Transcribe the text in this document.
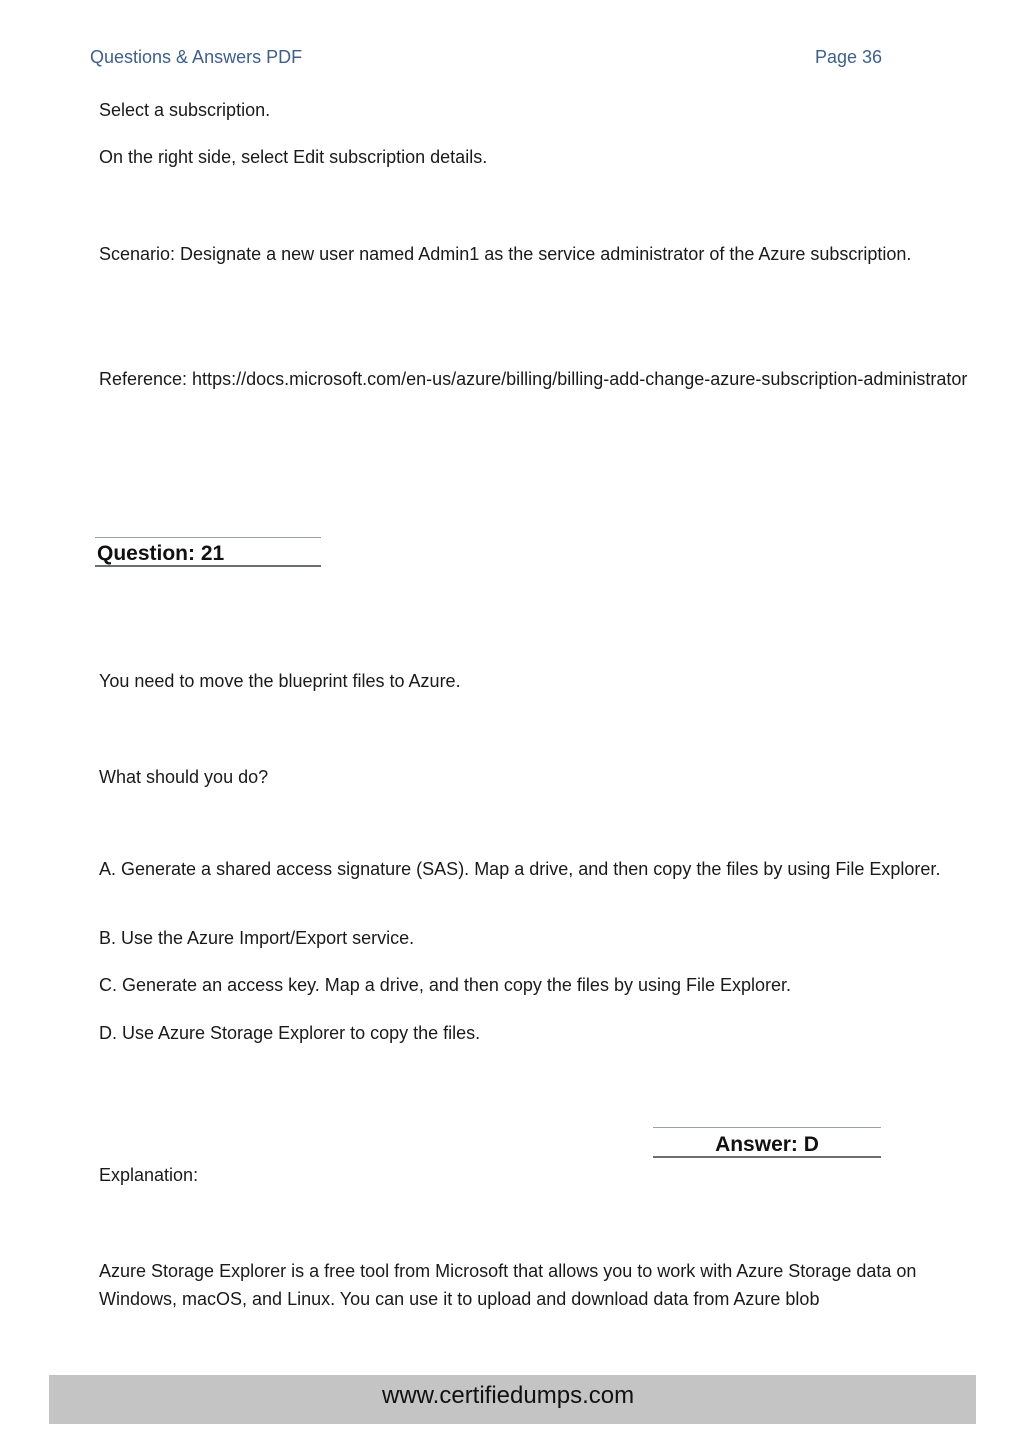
Questions & Answers PDF	Page 36

Select a subscription.

On the right side, select Edit subscription details.

Scenario: Designate a new user named Admin1 as the service administrator of the Azure subscription.

Reference: https://docs.microsoft.com/en-us/azure/billing/billing-add-change-azure-subscription-administrator

Question: 21

You need to move the blueprint files to Azure.

What should you do?

A. Generate a shared access signature (SAS). Map a drive, and then copy the files by using File Explorer.

B. Use the Azure Import/Export service.

C. Generate an access key. Map a drive, and then copy the files by using File Explorer.

D. Use Azure Storage Explorer to copy the files.

Answer: D

Explanation:

Azure Storage Explorer is a free tool from Microsoft that allows you to work with Azure Storage data on Windows, macOS, and Linux. You can use it to upload and download data from Azure blob

www.certifiedumps.com
